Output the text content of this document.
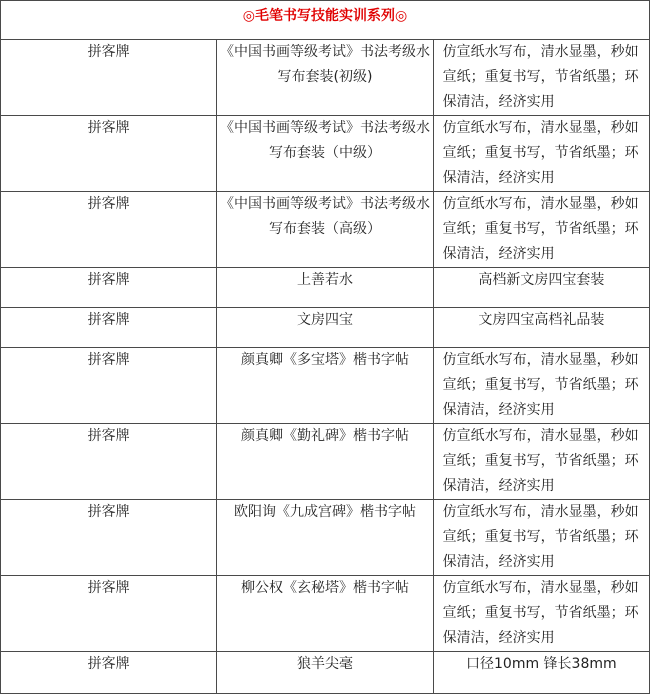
◎毛笔书写技能实训系列◎		
拼客牌	《中国书画等级考试》书法考级水写布套装(初级)	仿宣纸水写布，清水显墨，秒如宣纸；重复书写，节省纸墨；环保清洁，经济实用
拼客牌	《中国书画等级考试》书法考级水写布套装（中级）	仿宣纸水写布，清水显墨，秒如宣纸；重复书写，节省纸墨；环保清洁，经济实用
拼客牌	《中国书画等级考试》书法考级水写布套装（高级）	仿宣纸水写布，清水显墨，秒如宣纸；重复书写，节省纸墨；环保清洁，经济实用
拼客牌	上善若水	高档新文房四宝套装
拼客牌	文房四宝	文房四宝高档礼品装
拼客牌	颜真卿《多宝塔》楷书字帖	仿宣纸水写布，清水显墨，秒如宣纸；重复书写，节省纸墨；环保清洁，经济实用
拼客牌	颜真卿《勤礼碑》楷书字帖	仿宣纸水写布，清水显墨，秒如宣纸；重复书写，节省纸墨；环保清洁，经济实用
拼客牌	欧阳询《九成宫碑》楷书字帖	仿宣纸水写布，清水显墨，秒如宣纸；重复书写，节省纸墨；环保清洁，经济实用
拼客牌	柳公权《玄秘塔》楷书字帖	仿宣纸水写布，清水显墨，秒如宣纸；重复书写，节省纸墨；环保清洁，经济实用
拼客牌	狼羊尖毫	口径10mm 锋长38mm
